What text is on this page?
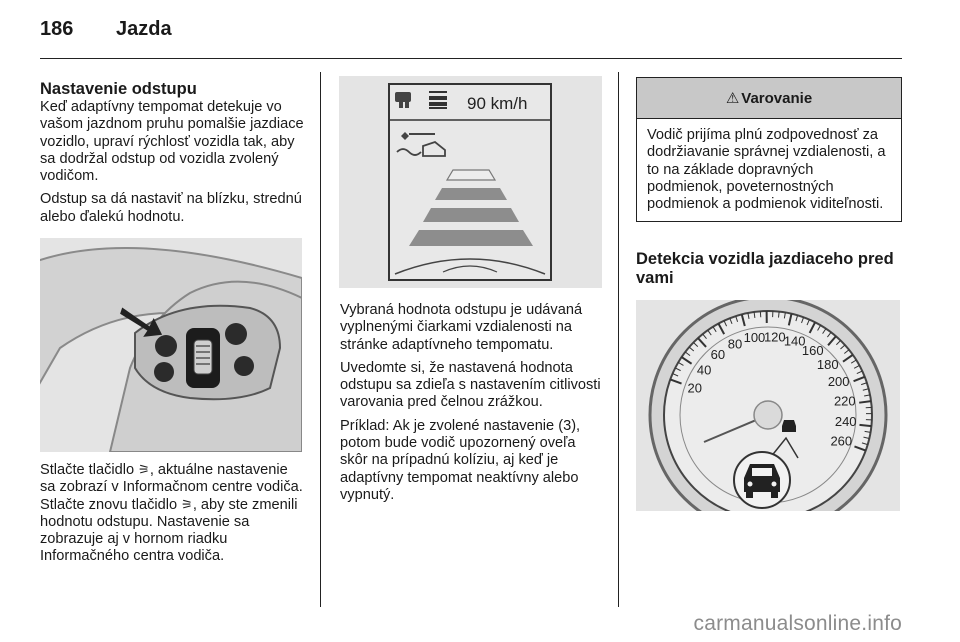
186 Jazda
Nastavenie odstupu

Keď adaptívny tempomat detekuje vo vašom jazdnom pruhu pomalšie jazdiace vozidlo, upraví rýchlosť vozidla tak, aby sa dodržal odstup od vozidla zvolený vodičom.

Odstup sa dá nastaviť na blízku, strednú alebo ďalekú hodnotu.

Stlačte tlačidlo ⚞, aktuálne nastavenie sa zobrazí v Informačnom centre vodiča. Stlačte znovu tlačidlo ⚞, aby ste zmenili hodnotu odstupu. Nastavenie sa zobrazuje aj v hornom riadku Informačného centra vodiča.

90 km/h

Vybraná hodnota odstupu je udávaná vyplnenými čiarkami vzdialenosti na stránke adaptívneho tempomatu.

Uvedomte si, že nastavená hodnota odstupu sa zdieľa s nastavením citlivosti varovania pred čelnou zrážkou.

Príklad: Ak je zvolené nastavenie (3), potom bude vodič upozornený oveľa skôr na prípadnú kolíziu, aj keď je adaptívny tempomat neaktívny alebo vypnutý.

⚠ Varovanie
Vodič prijíma plnú zodpovednosť za dodržiavanie správnej vzdialenosti, a to na základe dopravných podmienok, poveternostných podmienok a podmienok viditeľnosti.
Detekcia vozidla jazdiaceho pred vami
20
40
60
80 100
120
140
160
180
200
220
240
260
carmanualsonline.info
